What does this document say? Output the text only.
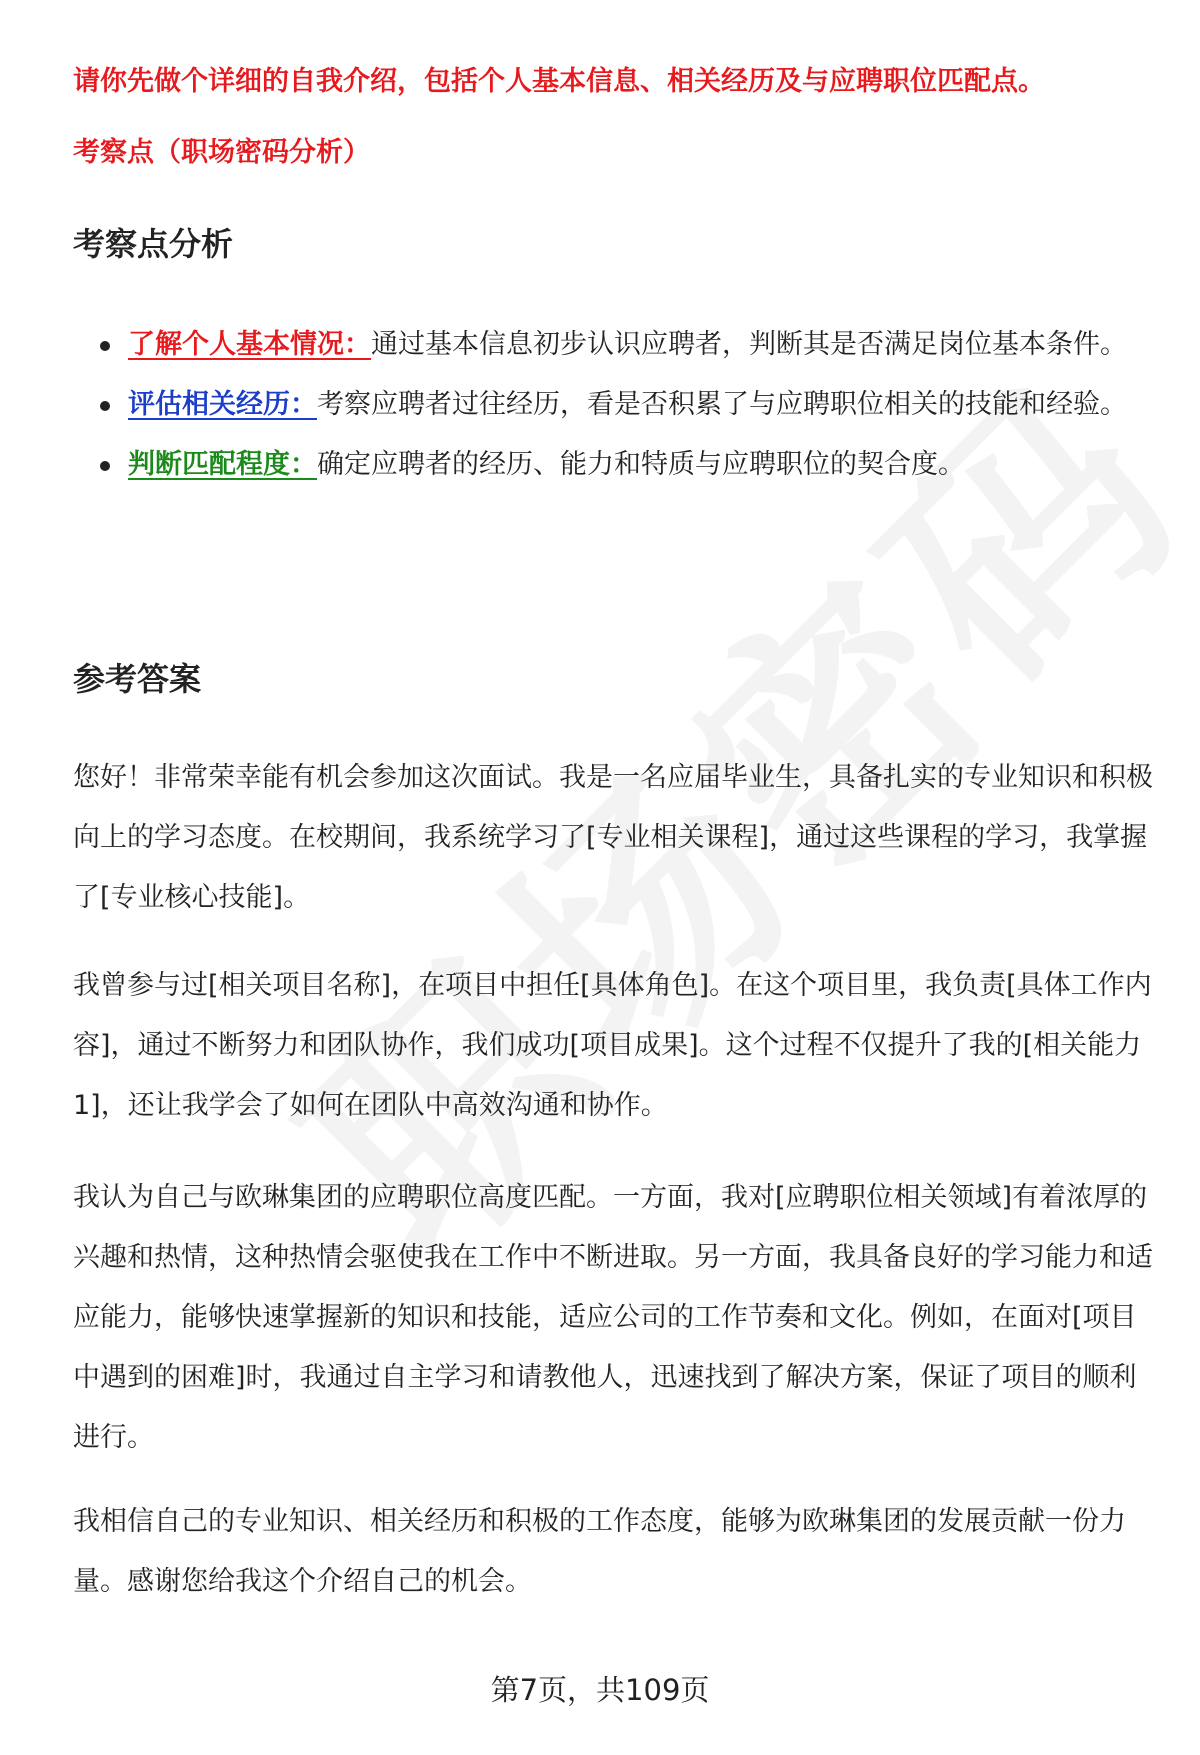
请你先做个详细的自我介绍，包括个人基本信息、相关经历及与应聘职位匹配点。
考察点（职场密码分析）
考察点分析
了解个人基本情况：通过基本信息初步认识应聘者，判断其是否满足岗位基本条件。
评估相关经历：考察应聘者过往经历，看是否积累了与应聘职位相关的技能和经验。
判断匹配程度：确定应聘者的经历、能力和特质与应聘职位的契合度。
参考答案

您好！非常荣幸能有机会参加这次面试。我是一名应届毕业生，具备扎实的专业知识和积极向上的学习态度。在校期间，我系统学习了[专业相关课程]，通过这些课程的学习，我掌握了[专业核心技能]。

我曾参与过[相关项目名称]，在项目中担任[具体角色]。在这个项目里，我负责[具体工作内容]，通过不断努力和团队协作，我们成功[项目成果]。这个过程不仅提升了我的[相关能力1]，还让我学会了如何在团队中高效沟通和协作。

我认为自己与欧琳集团的应聘职位高度匹配。一方面，我对[应聘职位相关领域]有着浓厚的兴趣和热情，这种热情会驱使我在工作中不断进取。另一方面，我具备良好的学习能力和适应能力，能够快速掌握新的知识和技能，适应公司的工作节奏和文化。例如，在面对[项目中遇到的困难]时，我通过自主学习和请教他人，迅速找到了解决方案，保证了项目的顺利进行。

我相信自己的专业知识、相关经历和积极的工作态度，能够为欧琳集团的发展贡献一份力量。感谢您给我这个介绍自己的机会。

第7页，共109页
